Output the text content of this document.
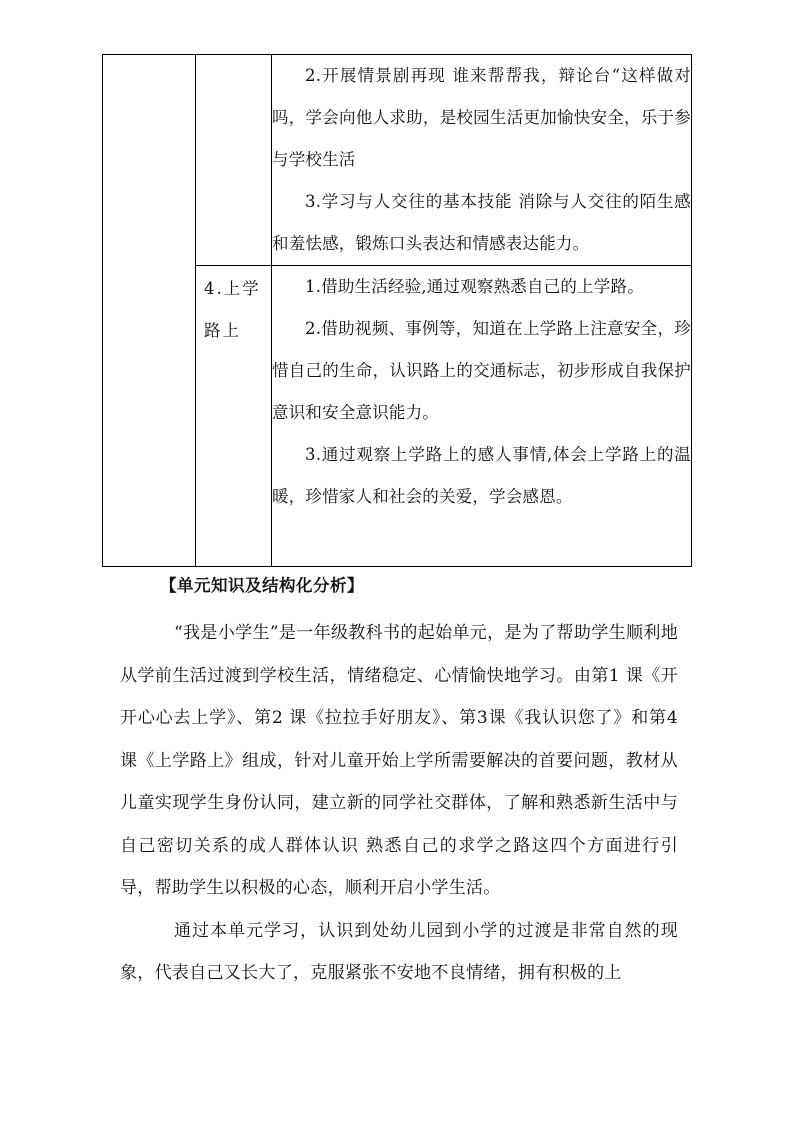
		2.开展情景剧再现 谁来帮帮我，辩论台“这样做对吗，学会向他人求助，是校园生活更加愉快安全，乐于参与学校生活

3.学习与人交往的基本技能 消除与人交往的陌生感和羞怯感，锻炼口头表达和情感表达能力。

	4.上学路上	1.借助生活经验,通过观察熟悉自己的上学路。

2.借助视频、事例等，知道在上学路上注意安全，珍惜自己的生命，认识路上的交通标志，初步形成自我保护意识和安全意识能力。

3.通过观察上学路上的感人事情,体会上学路上的温暖，珍惜家人和社会的关爱，学会感恩。

【单元知识及结构化分析】

“我是小学生”是一年级教科书的起始单元，是为了帮助学生顺利地从学前生活过渡到学校生活，情绪稳定、心情愉快地学习。由第1 课《开开心心去上学》、第2 课《拉拉手好朋友》、第3课《我认识您了》和第4课《上学路上》组成，针对儿童开始上学所需要解决的首要问题，教材从儿童实现学生身份认同，建立新的同学社交群体，了解和熟悉新生活中与自己密切关系的成人群体认识 熟悉自己的求学之路这四个方面进行引导，帮助学生以积极的心态，顺利开启小学生活。

通过本单元学习，认识到处幼儿园到小学的过渡是非常自然的现象，代表自己又长大了，克服紧张不安地不良情绪，拥有积极的上
